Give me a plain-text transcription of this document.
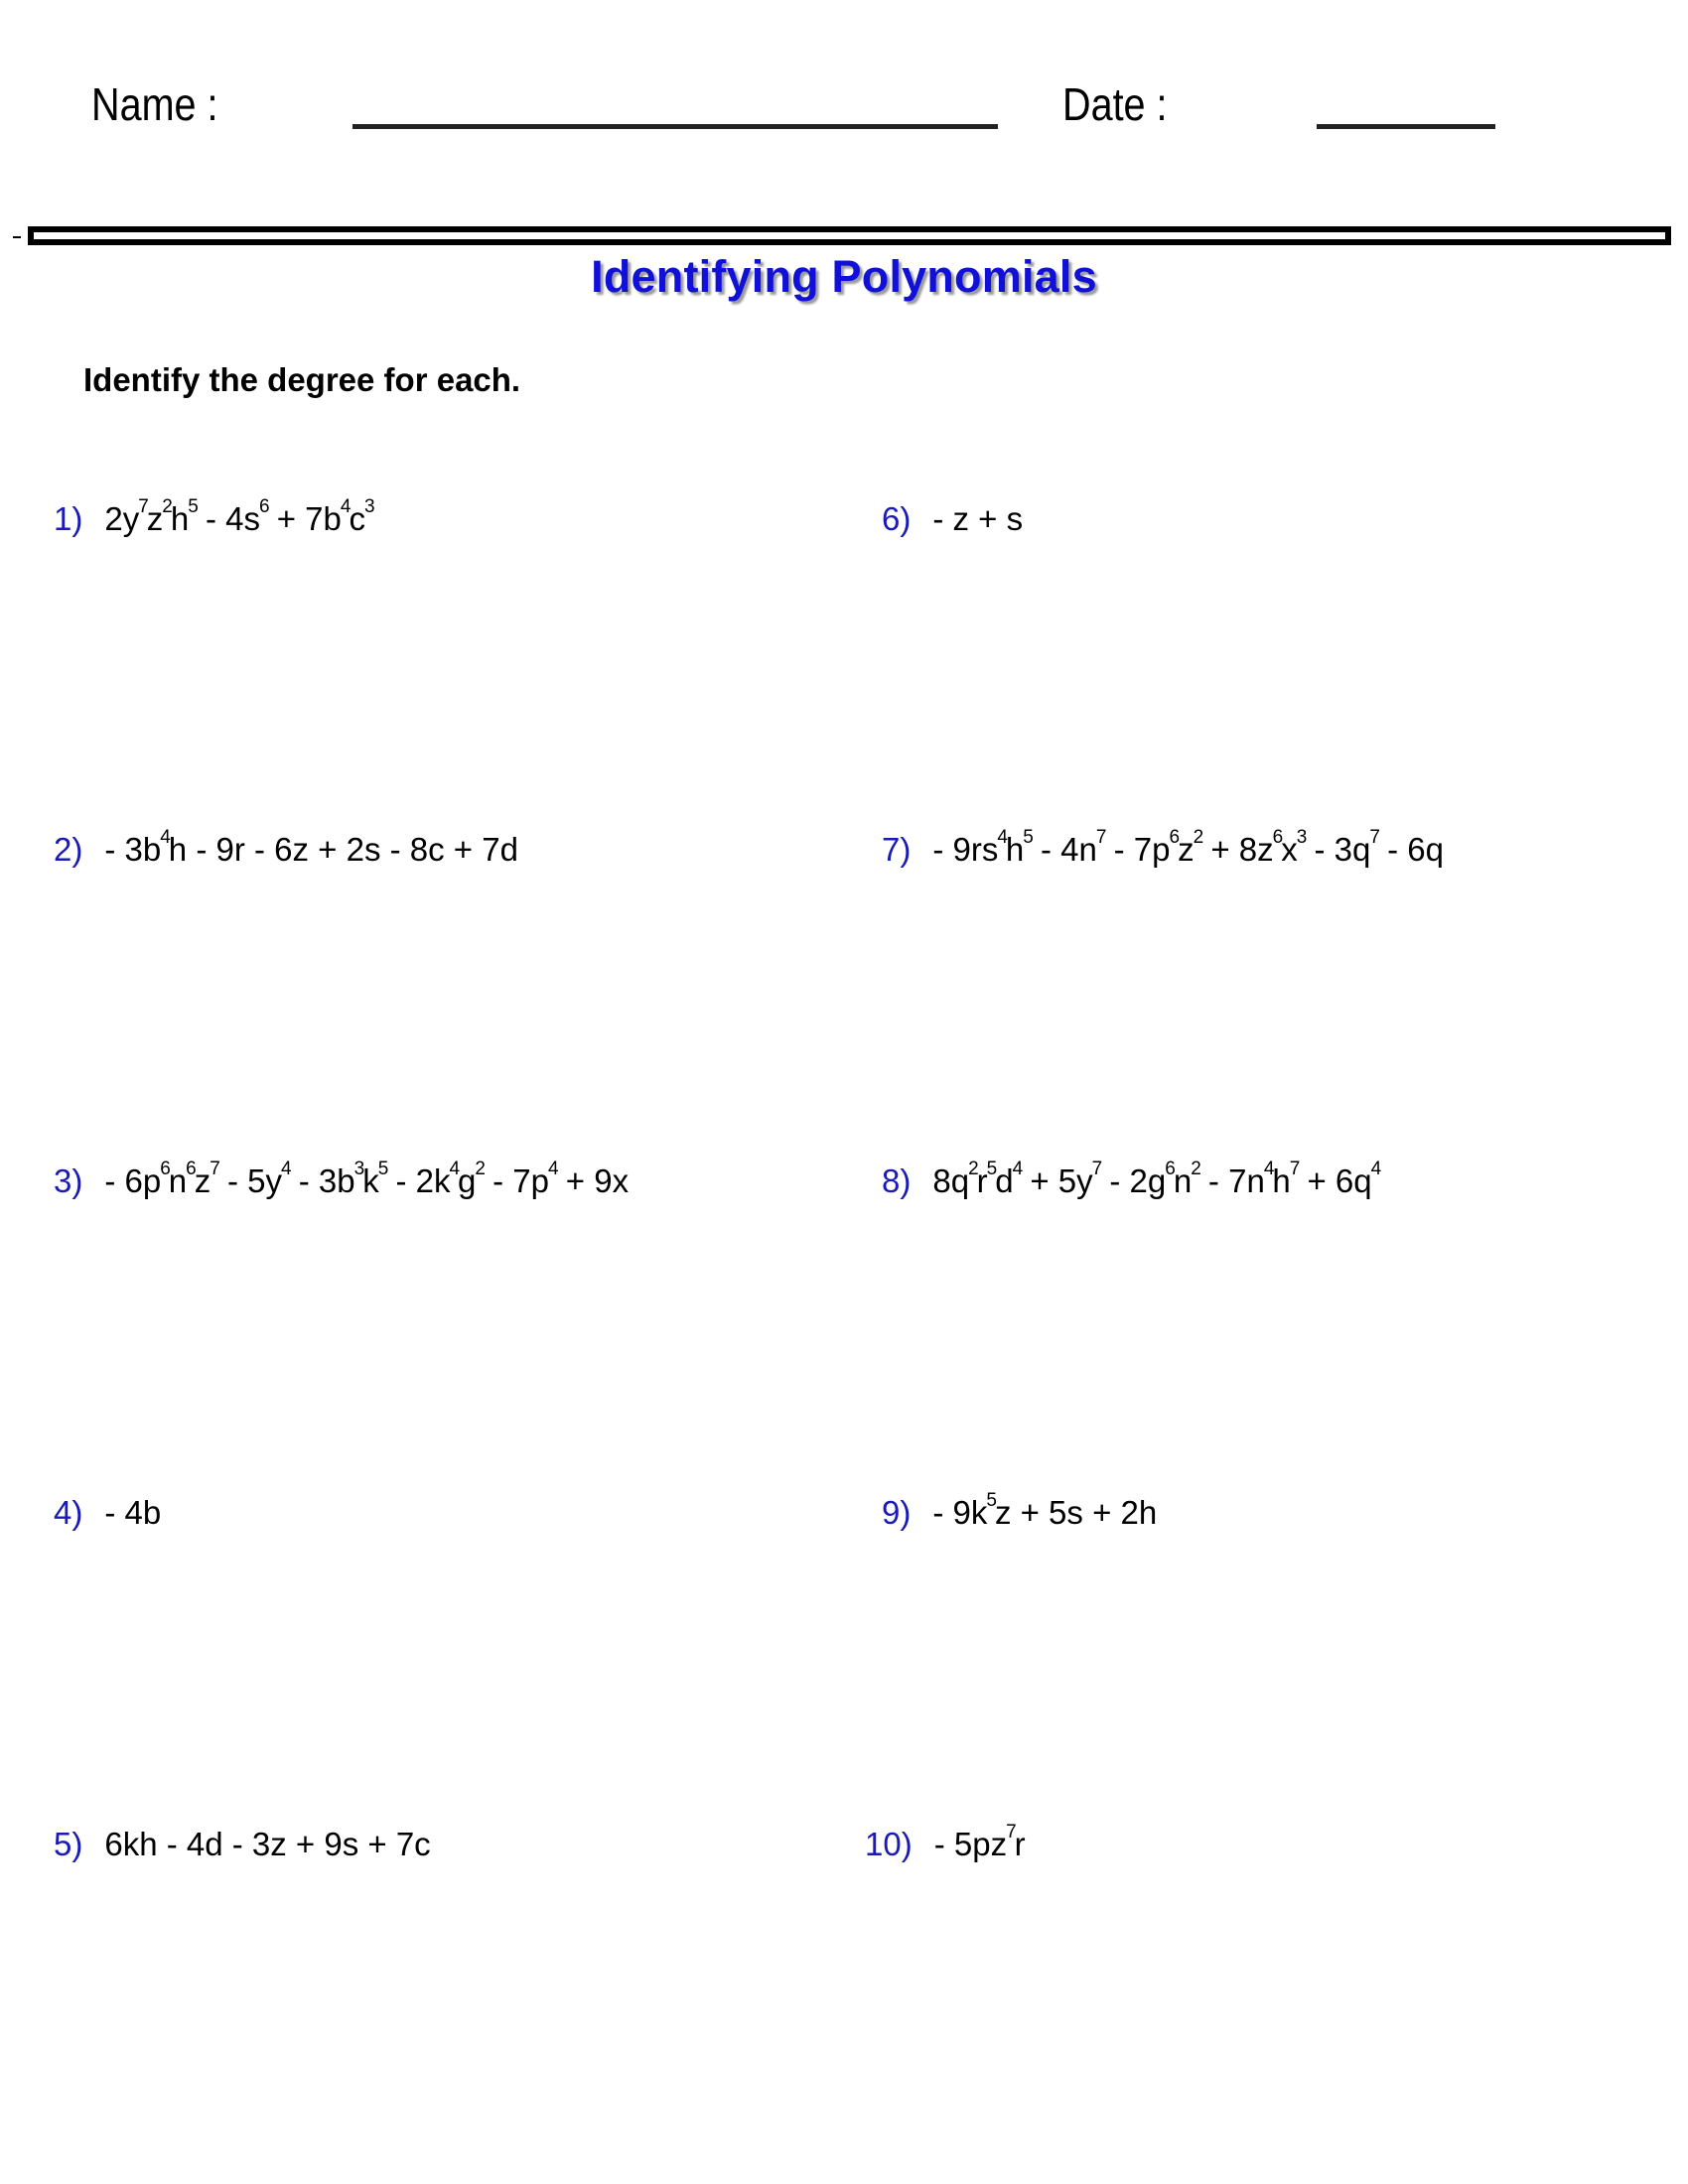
Name :	Date :
Identifying Polynomials
Identify the degree for each.
1) $2y^7z^2h^5 - 4s^6 + 7b^4c^3$
$2) - 3b^4h - 9r - 6z + 2s - 8c + 7d$
$3) - 6p^6n^6z^7 - 5y^4 - 3b^3k^5 - 2k^4g^2 - 7p^4 + 9x$
4) - 4b
5) 6kh - 4d - 3z + 9s + 7c
6) - z + s
$7) - 9rs^4h^5 - 4n^7 - 7p^6z^2 + 8z^6x^3 - 3q^7 - 6q$
8) $8q^2r^5d^4 + 5y^7 - 2g^6n^2 - 7n^4h^7 + 6q^4$
$9) - 9k^5z + 5s + 2h$
$10) - 5pz^7r$
